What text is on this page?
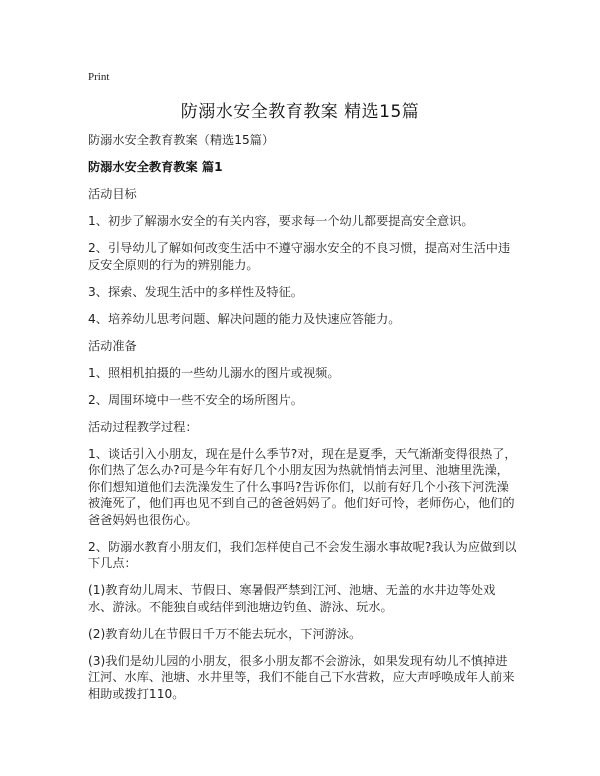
Print
防溺水安全教育教案 精选15篇

防溺水安全教育教案（精选15篇）

防溺水安全教育教案 篇1

活动目标

1、初步了解溺水安全的有关内容，要求每一个幼儿都要提高安全意识。

2、引导幼儿了解如何改变生活中不遵守溺水安全的不良习惯，提高对生活中违反安全原则的行为的辨别能力。

3、探索、发现生活中的多样性及特征。

4、培养幼儿思考问题、解决问题的能力及快速应答能力。

活动准备

1、照相机拍摄的一些幼儿溺水的图片或视频。

2、周围环境中一些不安全的场所图片。

活动过程教学过程：

1、谈话引入小朋友，现在是什么季节?对，现在是夏季，天气渐渐变得很热了，你们热了怎么办?可是今年有好几个小朋友因为热就悄悄去河里、池塘里洗澡，你们想知道他们去洗澡发生了什么事吗?告诉你们，以前有好几个小孩下河洗澡被淹死了，他们再也见不到自己的爸爸妈妈了。他们好可怜，老师伤心，他们的爸爸妈妈也很伤心。

2、防溺水教育小朋友们，我们怎样使自己不会发生溺水事故呢?我认为应做到以下几点：

(1)教育幼儿周末、节假日、寒暑假严禁到江河、池塘、无盖的水井边等处戏水、游泳。不能独自或结伴到池塘边钓鱼、游泳、玩水。

(2)教育幼儿在节假日千万不能去玩水，下河游泳。

(3)我们是幼儿园的小朋友，很多小朋友都不会游泳，如果发现有幼儿不慎掉进江河、水库、池塘、水井里等，我们不能自己下水营救，应大声呼唤成年人前来相助或拨打110。
